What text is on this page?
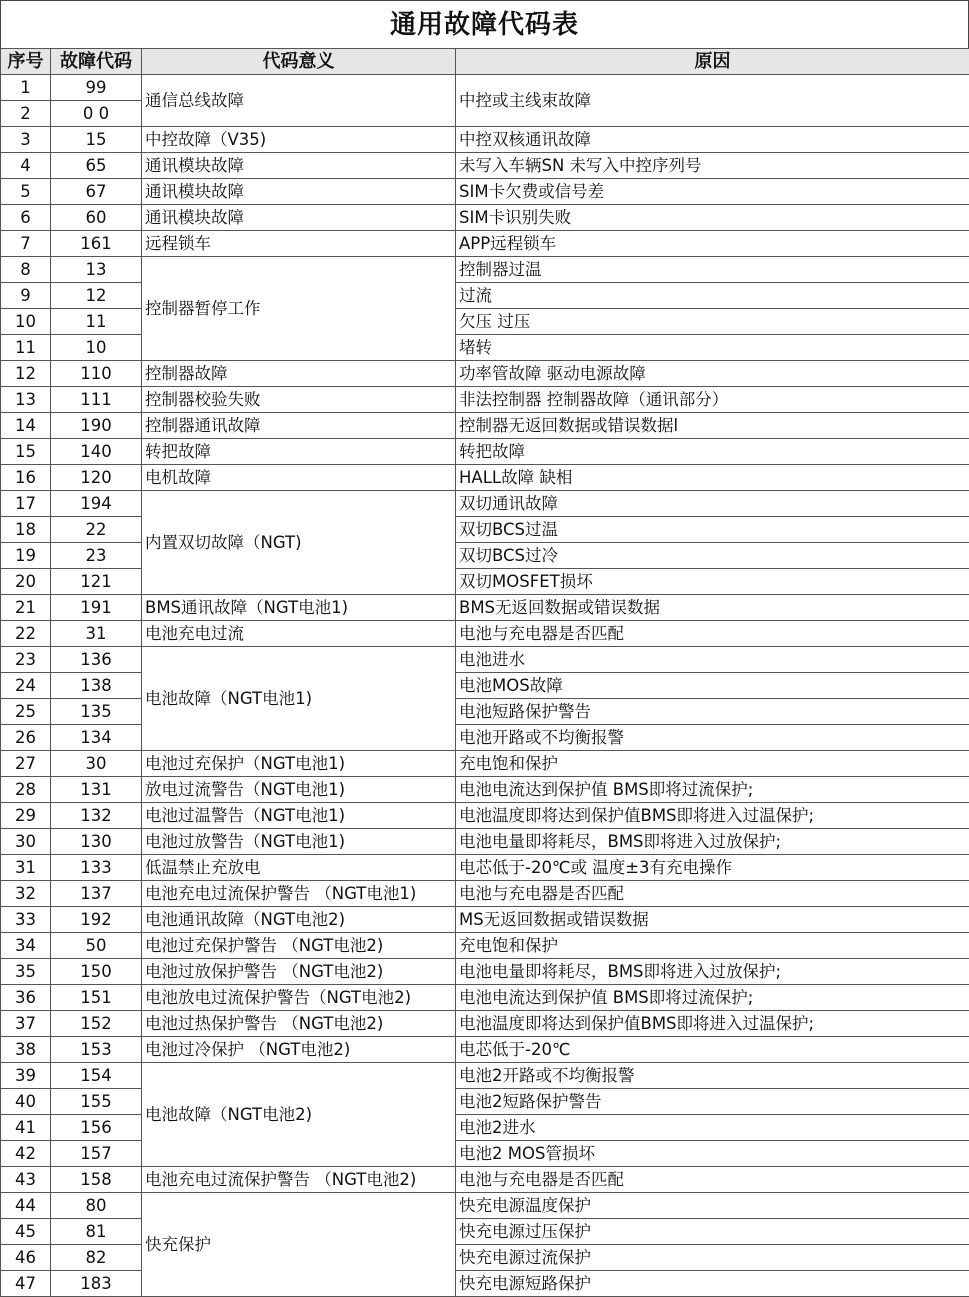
通用故障代码表
序号	故障代码	代码意义	原因
1	99	通信总线故障	中控或主线束故障
2	0 0		
3	15	中控故障（V35)	中控双核通讯故障
4	65	通讯模块故障	未写入车辆SN 未写入中控序列号
5	67	通讯模块故障	SIM卡欠费或信号差
6	60	通讯模块故障	SIM卡识别失败
7	161	远程锁车	APP远程锁车
8	13	控制器暂停工作	控制器过温
9	12		过流
10	11		欠压 过压
11	10		堵转
12	110	控制器故障	功率管故障 驱动电源故障
13	111	控制器校验失败	非法控制器 控制器故障（通讯部分）
14	190	控制器通讯故障	控制器无返回数据或错误数据l
15	140	转把故障	转把故障
16	120	电机故障	HALL故障 缺相
17	194	内置双切故障（NGT)	双切通讯故障
18	22		双切BCS过温
19	23		双切BCS过冷
20	121		双切MOSFET损坏
21	191	BMS通讯故障（NGT电池1)	BMS无返回数据或错误数据
22	31	电池充电过流	电池与充电器是否匹配
23	136	电池故障（NGT电池1)	电池进水
24	138		电池MOS故障
25	135		电池短路保护警告
26	134		电池开路或不均衡报警
27	30	电池过充保护（NGT电池1)	充电饱和保护
28	131	放电过流警告（NGT电池1)	电池电流达到保护值 BMS即将过流保护;
29	132	电池过温警告（NGT电池1)	电池温度即将达到保护值BMS即将进入过温保护;
30	130	电池过放警告（NGT电池1)	电池电量即将耗尽，BMS即将进入过放保护;
31	133	低温禁止充放电	电芯低于-20℃或 温度±3有充电操作
32	137	电池充电过流保护警告 （NGT电池1)	电池与充电器是否匹配
33	192	电池通讯故障（NGT电池2)	MS无返回数据或错误数据
34	50	电池过充保护警告 （NGT电池2)	充电饱和保护
35	150	电池过放保护警告 （NGT电池2)	电池电量即将耗尽，BMS即将进入过放保护;
36	151	电池放电过流保护警告（NGT电池2)	电池电流达到保护值 BMS即将过流保护;
37	152	电池过热保护警告 （NGT电池2)	电池温度即将达到保护值BMS即将进入过温保护;
38	153	电池过冷保护 （NGT电池2)	电芯低于-20℃
39	154	电池故障（NGT电池2)	电池2开路或不均衡报警
40	155		电池2短路保护警告
41	156		电池2进水
42	157		电池2 MOS管损坏
43	158	电池充电过流保护警告 （NGT电池2)	电池与充电器是否匹配
44	80	快充保护	快充电源温度保护
45	81		快充电源过压保护
46	82		快充电源过流保护
47	183		快充电源短路保护
